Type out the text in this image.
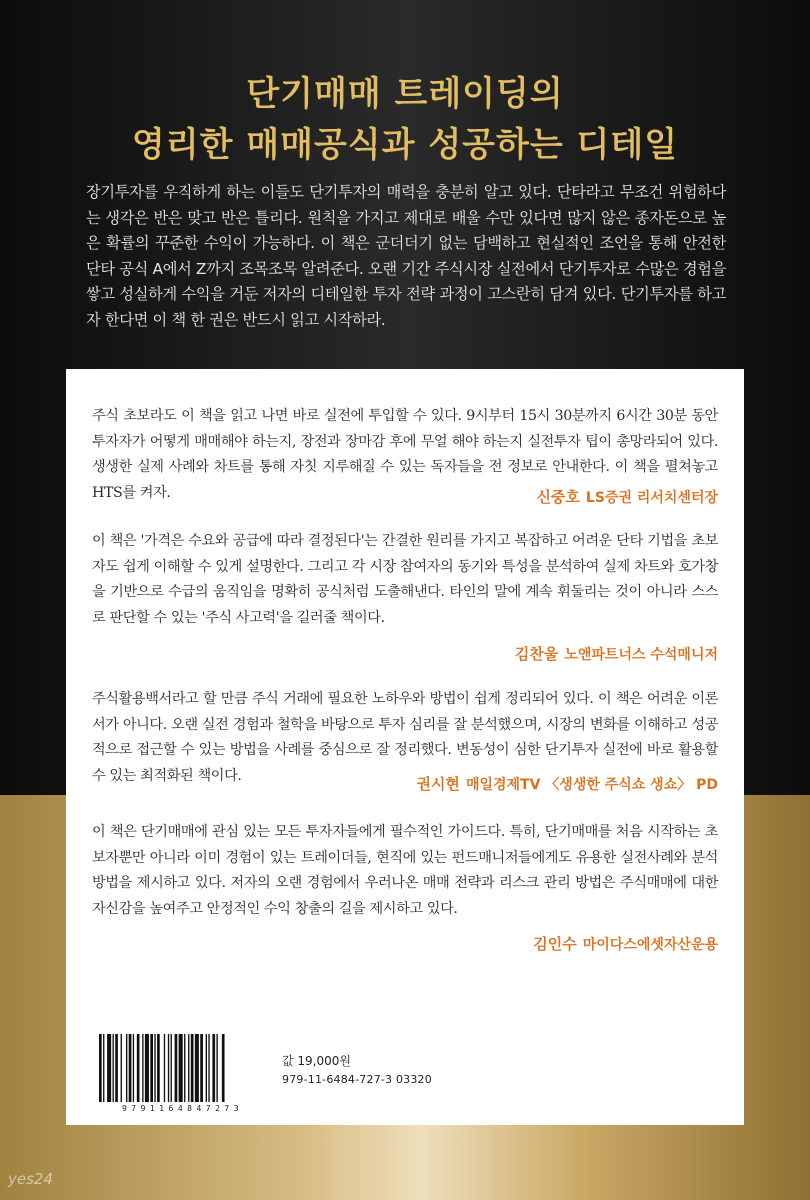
단기매매 트레이딩의
영리한 매매공식과 성공하는 디테일
장기투자를 우직하게 하는 이들도 단기투자의 매력을 충분히 알고 있다. 단타라고 무조건 위험하다는 생각은 반은 맞고 반은 틀리다. 원칙을 가지고 제대로 배울 수만 있다면 많지 않은 종자돈으로 높은 확률의 꾸준한 수익이 가능하다. 이 책은 군더더기 없는 담백하고 현실적인 조언을 통해 안전한 단타 공식 A에서 Z까지 조목조목 알려준다. 오랜 기간 주식시장 실전에서 단기투자로 수많은 경험을 쌓고 성실하게 수익을 거둔 저자의 디테일한 투자 전략 과정이 고스란히 담겨 있다. 단기투자를 하고자 한다면 이 책 한 권은 반드시 읽고 시작하라.
주식 초보라도 이 책을 읽고 나면 바로 실전에 투입할 수 있다. 9시부터 15시 30분까지 6시간 30분 동안 투자자가 어떻게 매매해야 하는지, 장전과 장마감 후에 무얼 해야 하는지 실전투자 팁이 총망라되어 있다. 생생한 실제 사례와 차트를 통해 자칫 지루해질 수 있는 독자들을 전 정보로 안내한다. 이 책을 펼쳐놓고 HTS를 켜자.	신중호 LS증권 리서치센터장
이 책은 '가격은 수요와 공급에 따라 결정된다'는 간결한 원리를 가지고 복잡하고 어려운 단타 기법을 초보자도 쉽게 이해할 수 있게 설명한다. 그리고 각 시장 참여자의 동기와 특성을 분석하여 실제 차트와 호가창을 기반으로 수급의 움직임을 명확히 공식처럼 도출해낸다. 타인의 말에 계속 휘둘리는 것이 아니라 스스로 판단할 수 있는 '주식 사고력'을 길러줄 책이다.
김찬울 노앤파트너스 수석매니저
주식활용백서라고 할 만큼 주식 거래에 필요한 노하우와 방법이 쉽게 정리되어 있다. 이 책은 어려운 이론서가 아니다. 오랜 실전 경험과 철학을 바탕으로 투자 심리를 잘 분석했으며, 시장의 변화를 이해하고 성공적으로 접근할 수 있는 방법을 사례를 중심으로 잘 정리했다. 변동성이 심한 단기투자 실전에 바로 활용할 수 있는 최적화된 책이다.	권시현 매일경제TV 〈생생한 주식쇼 생쇼〉 PD
이 책은 단기매매에 관심 있는 모든 투자자들에게 필수적인 가이드다. 특히, 단기매매를 처음 시작하는 초보자뿐만 아니라 이미 경험이 있는 트레이더들, 현직에 있는 펀드매니저들에게도 유용한 실전사례와 분석방법을 제시하고 있다. 저자의 오랜 경험에서 우러나온 매매 전략과 리스크 관리 방법은 주식매매에 대한 자신감을 높여주고 안정적인 수익 창출의 길을 제시하고 있다.
김인수 마이다스에셋자산운용
9791164847273
값 19,000원
979-11-6484-727-3 03320
yes24
